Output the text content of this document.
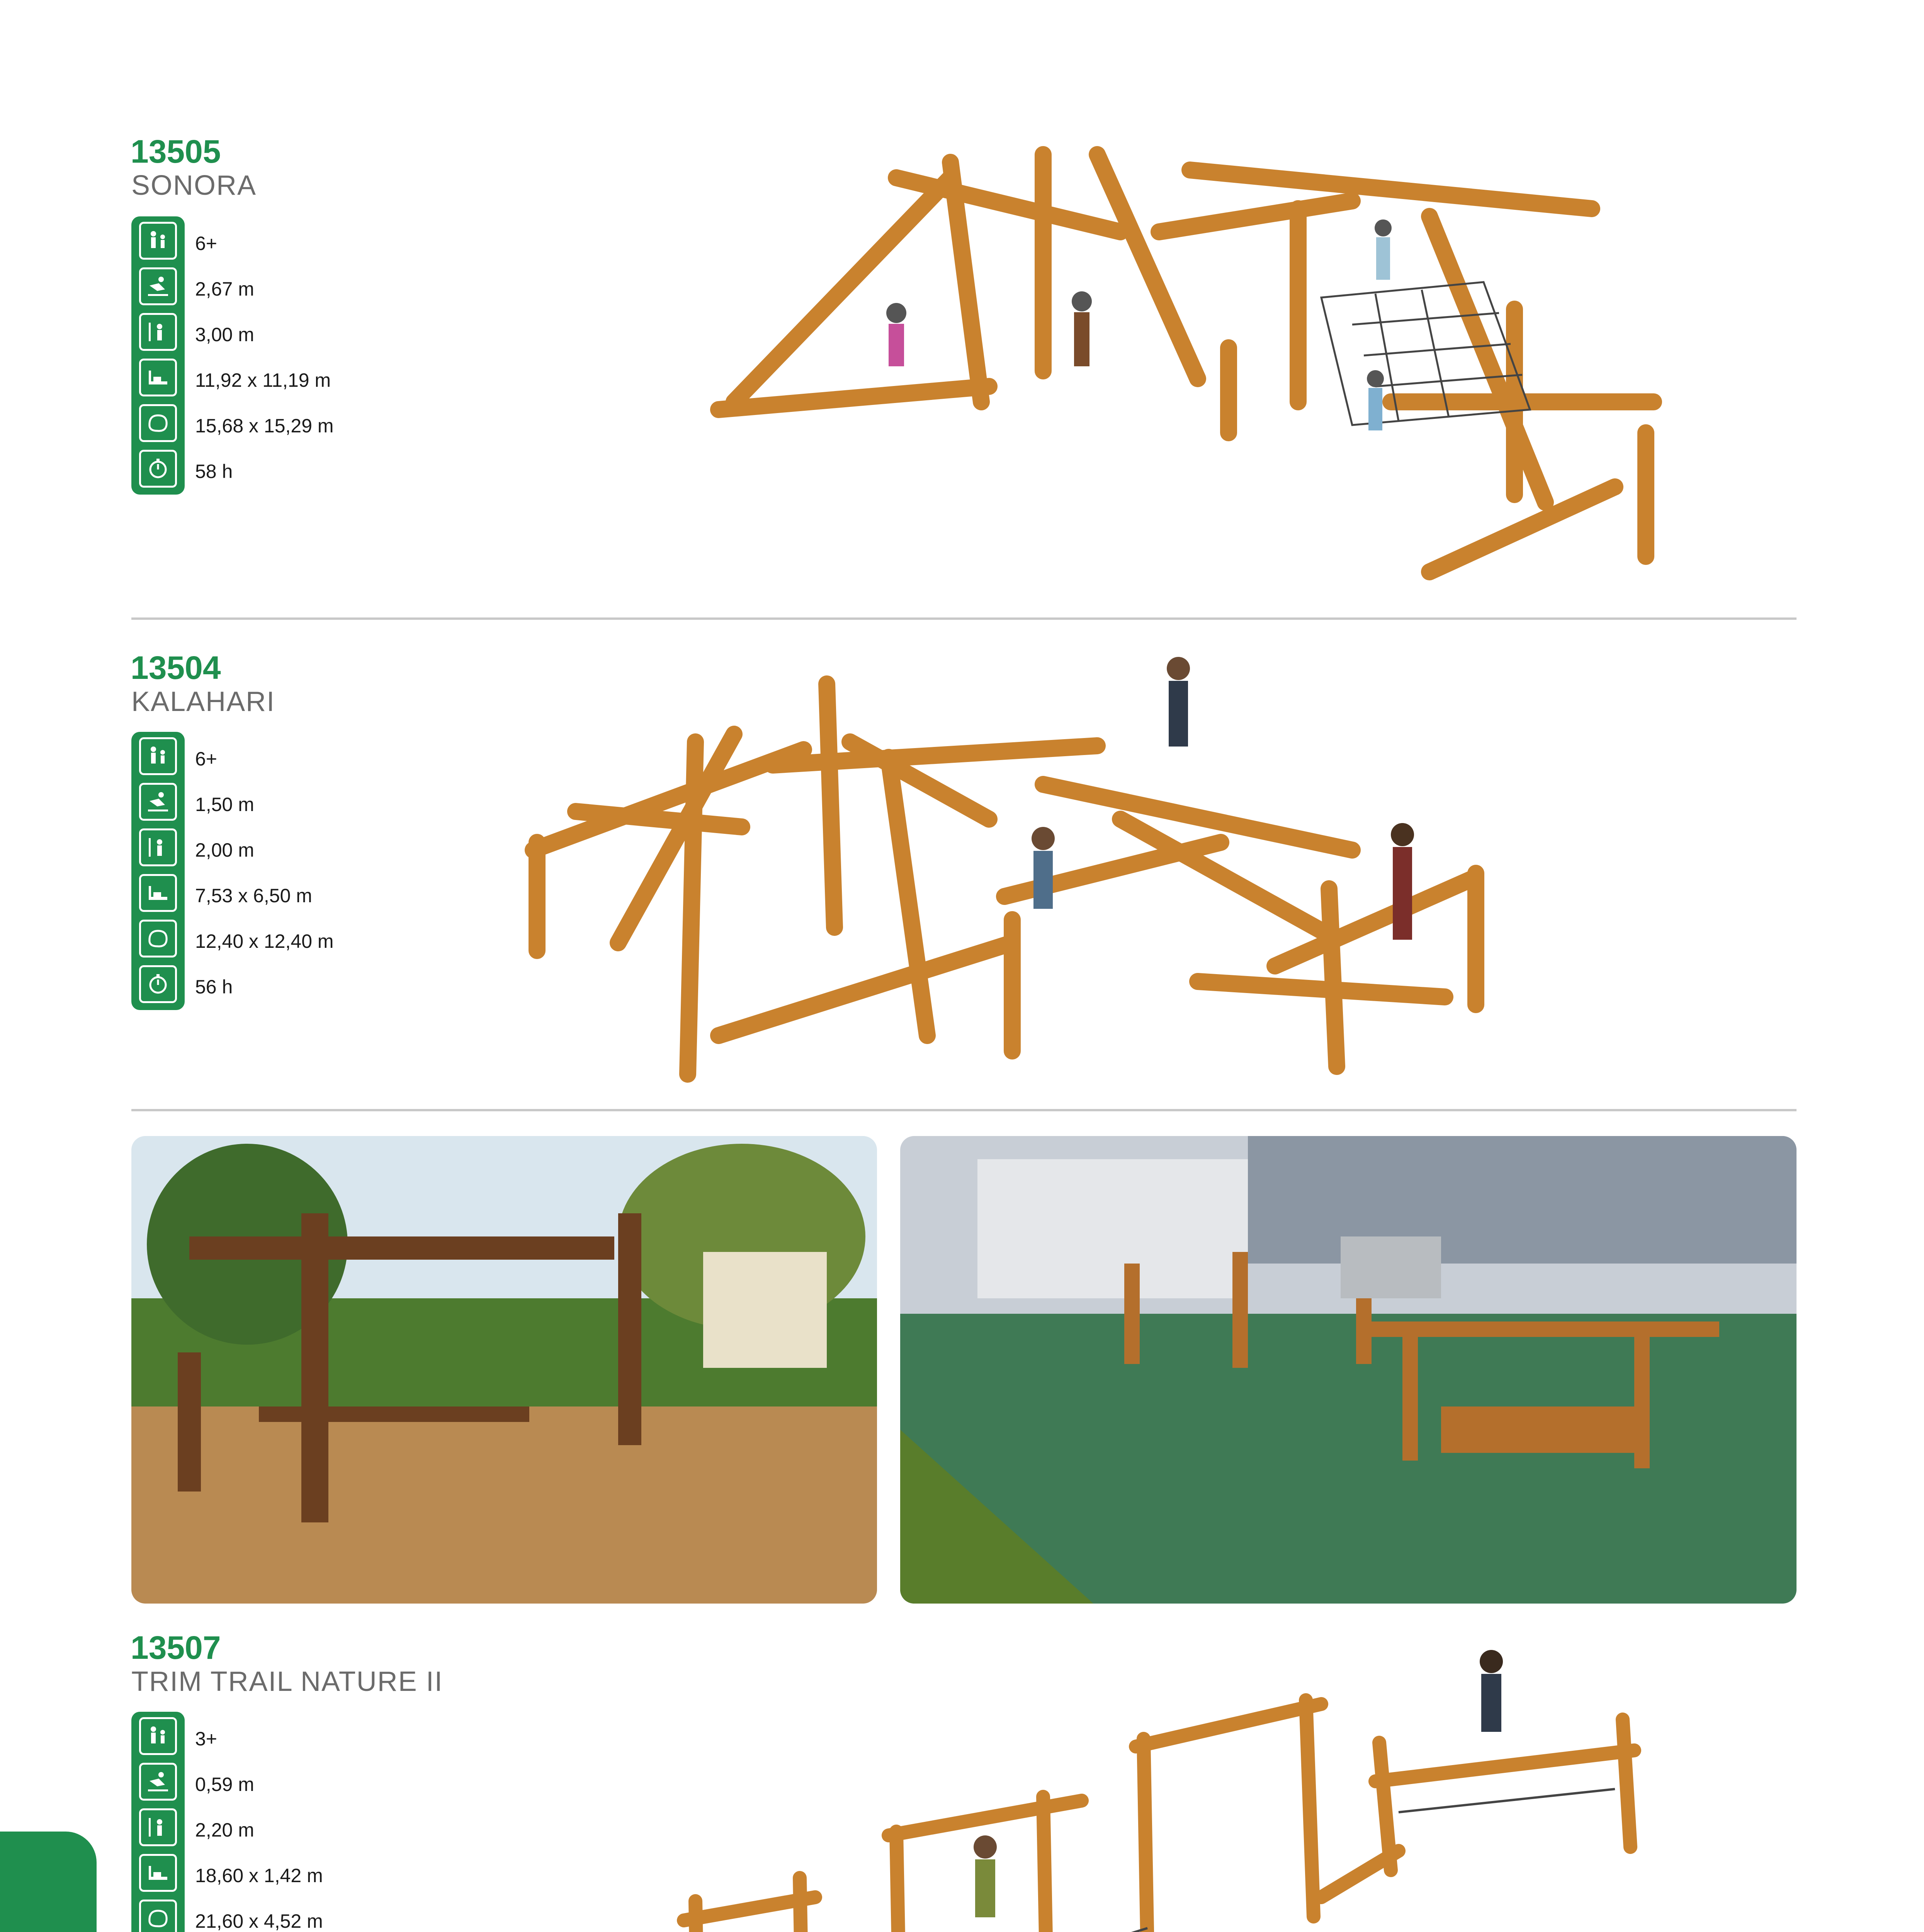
13505
SONORA
6+
2,67 m
3,00 m
11,92 x 11,19 m
15,68 x 15,29 m
58 h
13504
KALAHARI
6+
1,50 m
2,00 m
7,53 x 6,50 m
12,40 x 12,40 m
56 h
13507
TRIM TRAIL NATURE II
3+
0,59 m
2,20 m
18,60 x 1,42 m
21,60 x 4,52 m
